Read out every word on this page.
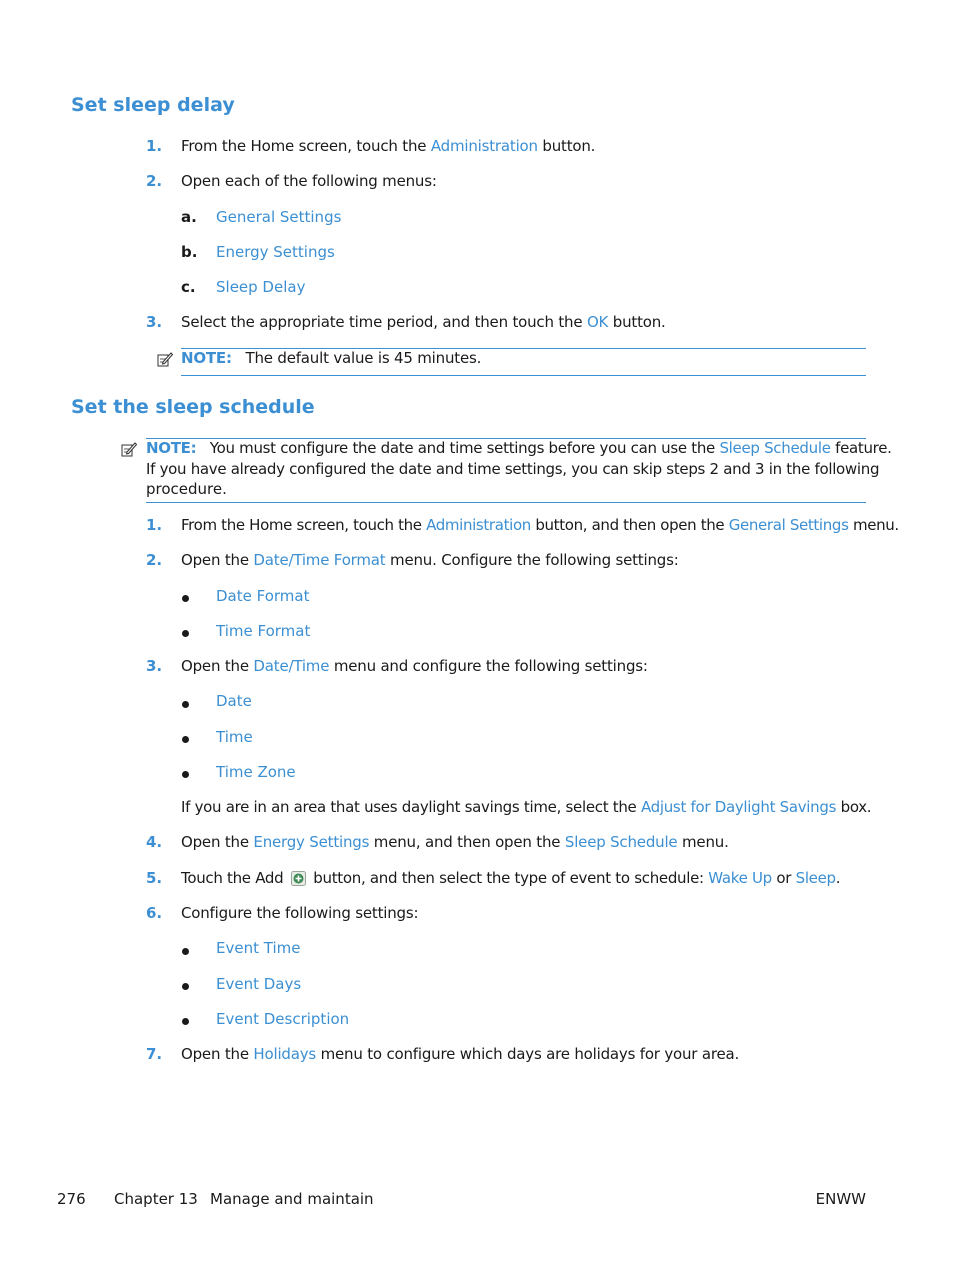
Set sleep delay
1. From the Home screen, touch the Administration button.
2. Open each of the following menus:
a. General Settings
b. Energy Settings
c. Sleep Delay
3. Select the appropriate time period, and then touch the OK button.
NOTE: The default value is 45 minutes.
Set the sleep schedule
NOTE: You must configure the date and time settings before you can use the Sleep Schedule feature.
If you have already configured the date and time settings, you can skip steps 2 and 3 in the following
procedure.
1. From the Home screen, touch the Administration button, and then open the General Settings menu.
2. Open the Date/Time Format menu. Configure the following settings:
Date Format
Time Format
3. Open the Date/Time menu and configure the following settings:
Date
Time
Time Zone
If you are in an area that uses daylight savings time, select the Adjust for Daylight Savings box.
4. Open the Energy Settings menu, and then open the Sleep Schedule menu.
5. Touch the Add  button, and then select the type of event to schedule: Wake Up or Sleep.
6. Configure the following settings:
Event Time
Event Days
Event Description
7. Open the Holidays menu to configure which days are holidays for your area.
276 Chapter 13 Manage and maintain	ENWW
